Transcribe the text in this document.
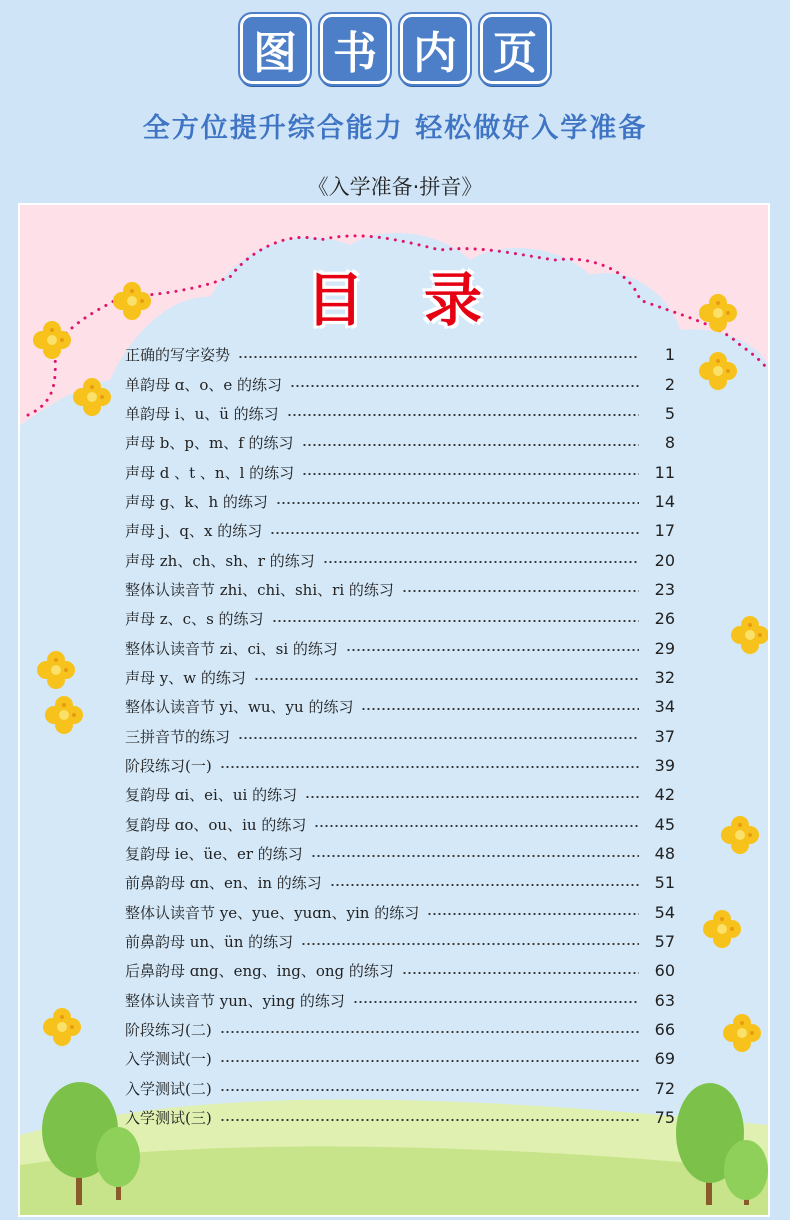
图 书 内 页
全方位提升综合能力 轻松做好入学准备
《入学准备·拼音》
目录
正确的写字姿势	1
单韵母 ɑ、o、e 的练习	2
单韵母 i、u、ü 的练习	5
声母 b、p、m、f 的练习	8
声母 d 、t 、n、l 的练习	11
声母 g、k、h 的练习	14
声母 j、q、x 的练习	17
声母 zh、ch、sh、r 的练习	20
整体认读音节 zhi、chi、shi、ri 的练习	23
声母 z、c、s 的练习	26
整体认读音节 zi、ci、si 的练习	29
声母 y、w 的练习	32
整体认读音节 yi、wu、yu 的练习	34
三拼音节的练习	37
阶段练习(一)	39
复韵母 ɑi、ei、ui 的练习	42
复韵母 ɑo、ou、iu 的练习	45
复韵母 ie、üe、er 的练习	48
前鼻韵母 ɑn、en、in 的练习	51
整体认读音节 ye、yue、yuɑn、yin 的练习	54
前鼻韵母 un、ün 的练习	57
后鼻韵母 ɑng、eng、ing、ong 的练习	60
整体认读音节 yun、ying 的练习	63
阶段练习(二)	66
入学测试(一)	69
入学测试(二)	72
入学测试(三)	75
